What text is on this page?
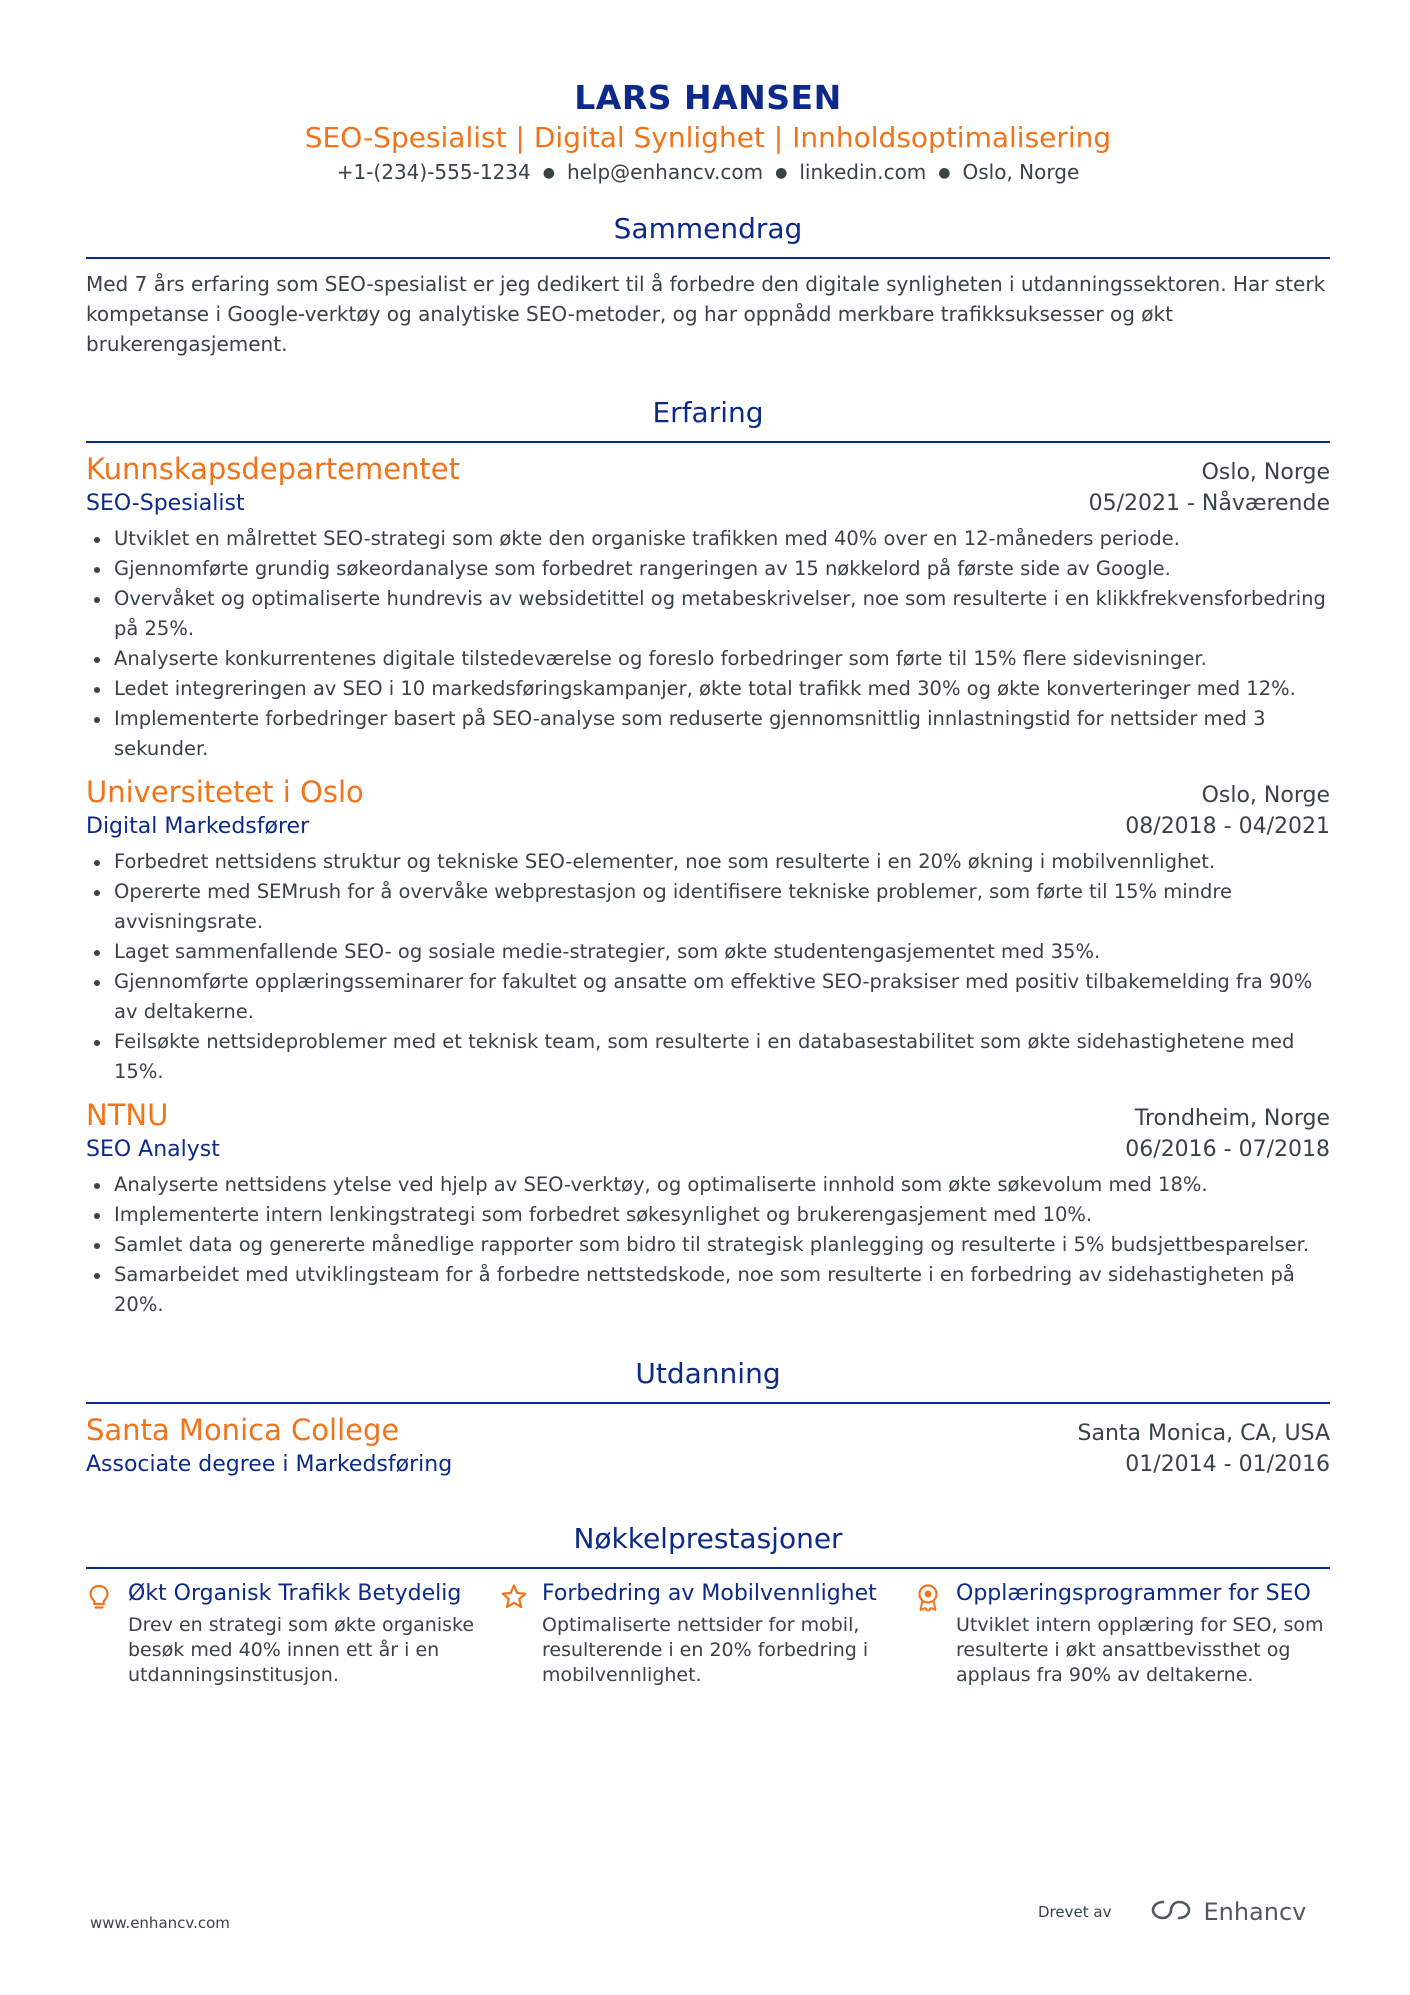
LARS HANSEN
SEO-Spesialist | Digital Synlighet | Innholdsoptimalisering
+1-(234)-555-1234 ● help@enhancv.com ● linkedin.com ● Oslo, Norge
Sammendrag
Med 7 års erfaring som SEO-spesialist er jeg dedikert til å forbedre den digitale synligheten i utdanningssektoren. Har sterk kompetanse i Google-verktøy og analytiske SEO-metoder, og har oppnådd merkbare trafikksuksesser og økt brukerengasjement.
Erfaring
Kunnskapsdepartementet	Oslo, Norge
SEO-Spesialist	05/2021 - Nåværende
Utviklet en målrettet SEO-strategi som økte den organiske trafikken med 40% over en 12-måneders periode.
Gjennomførte grundig søkeordanalyse som forbedret rangeringen av 15 nøkkelord på første side av Google.
Overvåket og optimaliserte hundrevis av websidetittel og metabeskrivelser, noe som resulterte i en klikkfrekvensforbedring på 25%.
Analyserte konkurrentenes digitale tilstedeværelse og foreslo forbedringer som førte til 15% flere sidevisninger.
Ledet integreringen av SEO i 10 markedsføringskampanjer, økte total trafikk med 30% og økte konverteringer med 12%.
Implementerte forbedringer basert på SEO-analyse som reduserte gjennomsnittlig innlastningstid for nettsider med 3 sekunder.
Universitetet i Oslo	Oslo, Norge
Digital Markedsfører	08/2018 - 04/2021
Forbedret nettsidens struktur og tekniske SEO-elementer, noe som resulterte i en 20% økning i mobilvennlighet.
Opererte med SEMrush for å overvåke webprestasjon og identifisere tekniske problemer, som førte til 15% mindre avvisningsrate.
Laget sammenfallende SEO- og sosiale medie-strategier, som økte studentengasjementet med 35%.
Gjennomførte opplæringsseminarer for fakultet og ansatte om effektive SEO-praksiser med positiv tilbakemelding fra 90% av deltakerne.
Feilsøkte nettsideproblemer med et teknisk team, som resulterte i en databasestabilitet som økte sidehastighetene med 15%.
NTNU	Trondheim, Norge
SEO Analyst	06/2016 - 07/2018
Analyserte nettsidens ytelse ved hjelp av SEO-verktøy, og optimaliserte innhold som økte søkevolum med 18%.
Implementerte intern lenkingstrategi som forbedret søkesynlighet og brukerengasjement med 10%.
Samlet data og genererte månedlige rapporter som bidro til strategisk planlegging og resulterte i 5% budsjettbesparelser.
Samarbeidet med utviklingsteam for å forbedre nettstedskode, noe som resulterte i en forbedring av sidehastigheten på 20%.
Utdanning
Santa Monica College	Santa Monica, CA, USA
Associate degree i Markedsføring	01/2014 - 01/2016
Nøkkelprestasjoner
Økt Organisk Trafikk Betydelig
Drev en strategi som økte organiske besøk med 40% innen ett år i en utdanningsinstitusjon.
Forbedring av Mobilvennlighet
Optimaliserte nettsider for mobil, resulterende i en 20% forbedring i mobilvennlighet.
Opplæringsprogrammer for SEO
Utviklet intern opplæring for SEO, som resulterte i økt ansattbevissthet og applaus fra 90% av deltakerne.
www.enhancv.com
Drevet av	Enhancv
